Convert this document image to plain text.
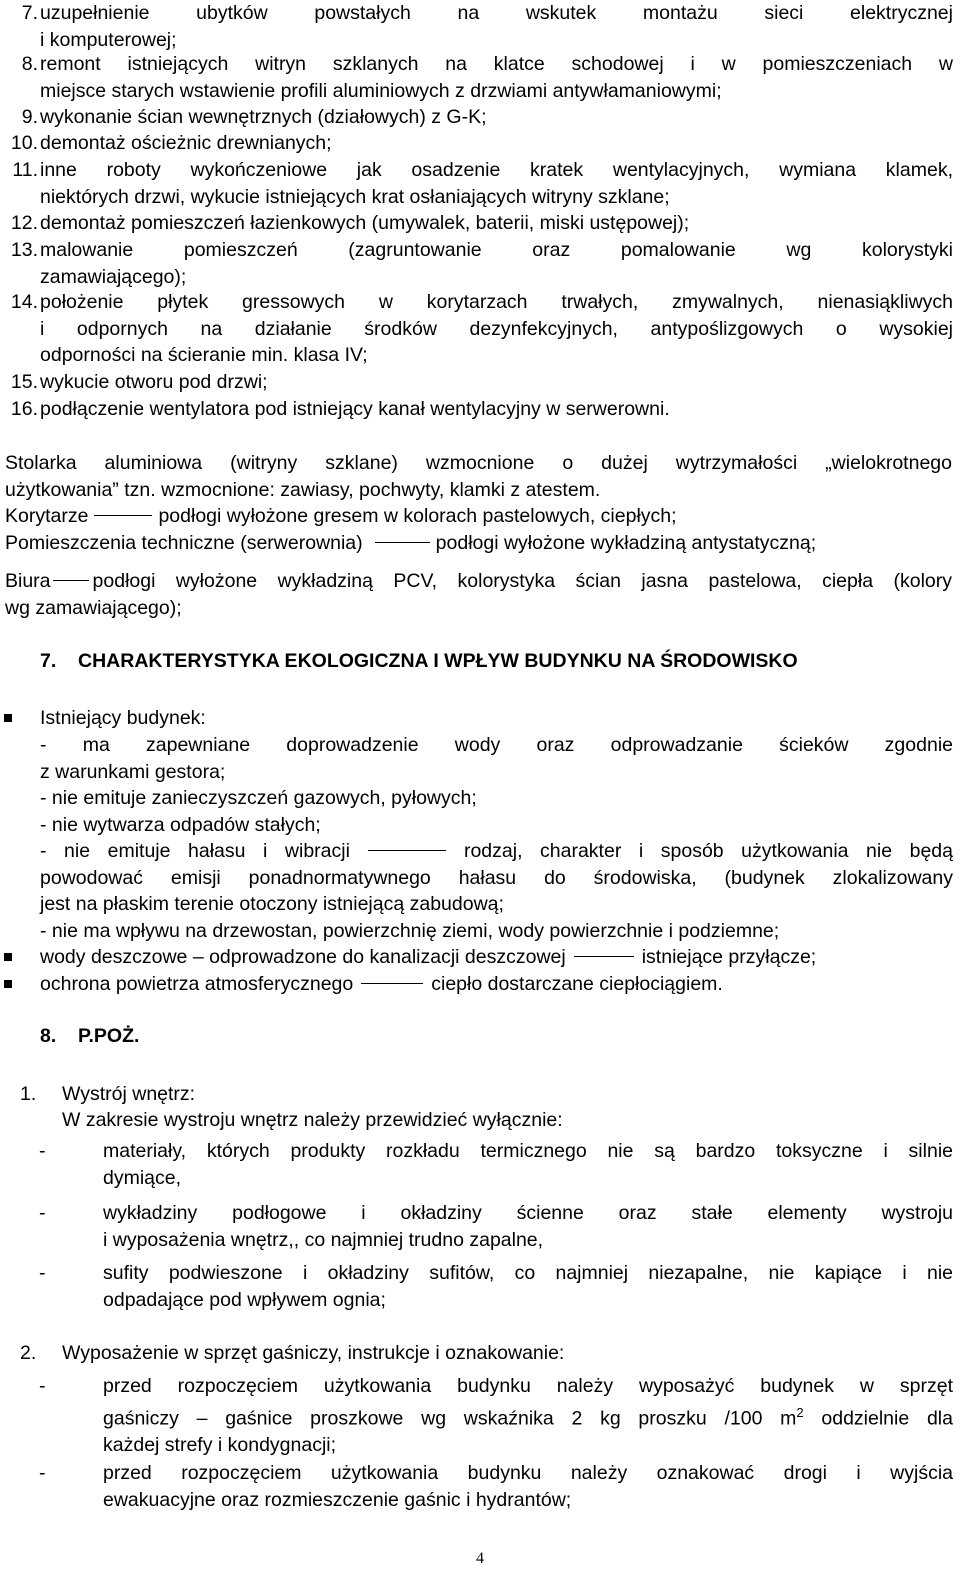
7. uzupełnienie ubytków powstałych na wskutek montażu sieci elektrycznej
i komputerowej;
8. remont istniejących witryn szklanych na klatce schodowej i w pomieszczeniach w
miejsce starych wstawienie profili aluminiowych z drzwiami antywłamaniowymi;
9. wykonanie ścian wewnętrznych (działowych) z G-K;
10. demontaż ościeżnic drewnianych;
11. inne roboty wykończeniowe jak osadzenie kratek wentylacyjnych, wymiana klamek,
niektórych drzwi, wykucie istniejących krat osłaniających witryny szklane;
12. demontaż pomieszczeń łazienkowych (umywalek, baterii, miski ustępowej);
13. malowanie pomieszczeń (zagruntowanie oraz pomalowanie wg kolorystyki
zamawiającego);
14. położenie płytek gressowych w korytarzach trwałych, zmywalnych, nienasiąkliwych
i odpornych na działanie środków dezynfekcyjnych, antypoślizgowych o wysokiej
odporności na ścieranie min. klasa IV;
15. wykucie otworu pod drzwi;
16. podłączenie wentylatora pod istniejący kanał wentylacyjny w serwerowni.
Stolarka aluminiowa (witryny szklane) wzmocnione o dużej wytrzymałości „wielokrotnego
użytkowania” tzn. wzmocnione: zawiasy, pochwyty, klamki z atestem.
Korytarze	podłogi wyłożone gresem w kolorach pastelowych, ciepłych;
Pomieszczenia techniczne (serwerownia)	podłogi wyłożone wykładziną antystatyczną;
Biura podłogi wyłożone wykładziną PCV, kolorystyka ścian jasna pastelowa, ciepła (kolory
wg zamawiającego);
7. CHARAKTERYSTYKA EKOLOGICZNA I WPŁYW BUDYNKU NA ŚRODOWISKO
Istniejący budynek:
- ma zapewniane doprowadzenie wody oraz odprowadzanie ścieków zgodnie
z warunkami gestora;
- nie emituje zanieczyszczeń gazowych, pyłowych;
- nie wytwarza odpadów stałych;
- nie emituje hałasu i wibracji	rodzaj, charakter i sposób użytkowania nie będą
powodować emisji ponadnormatywnego hałasu do środowiska, (budynek zlokalizowany
jest na płaskim terenie otoczony istniejącą zabudową;
- nie ma wpływu na drzewostan, powierzchnię ziemi, wody powierzchnie i podziemne;
wody deszczowe – odprowadzone do kanalizacji deszczowej	istniejące przyłącze;
ochrona powietrza atmosferycznego	ciepło dostarczane ciepłociągiem.
8. P.POŻ.
1. Wystrój wnętrz:
W zakresie wystroju wnętrz należy przewidzieć wyłącznie:
-	materiały, których produkty rozkładu termicznego nie są bardzo toksyczne i silnie
dymiące,
-	wykładziny podłogowe i okładziny ścienne oraz stałe elementy wystroju
i wyposażenia wnętrz,, co najmniej trudno zapalne,
-	sufity podwieszone i okładziny sufitów, co najmniej niezapalne, nie kapiące i nie
odpadające pod wpływem ognia;
2. Wyposażenie w sprzęt gaśniczy, instrukcje i oznakowanie:
-	przed rozpoczęciem użytkowania budynku należy wyposażyć budynek w sprzęt
gaśniczy – gaśnice proszkowe wg wskaźnika 2 kg proszku /100 $m^2$ oddzielnie dla
każdej strefy i kondygnacji;
-	przed rozpoczęciem użytkowania budynku należy oznakować drogi i wyjścia
ewakuacyjne oraz rozmieszczenie gaśnic i hydrantów;
4
